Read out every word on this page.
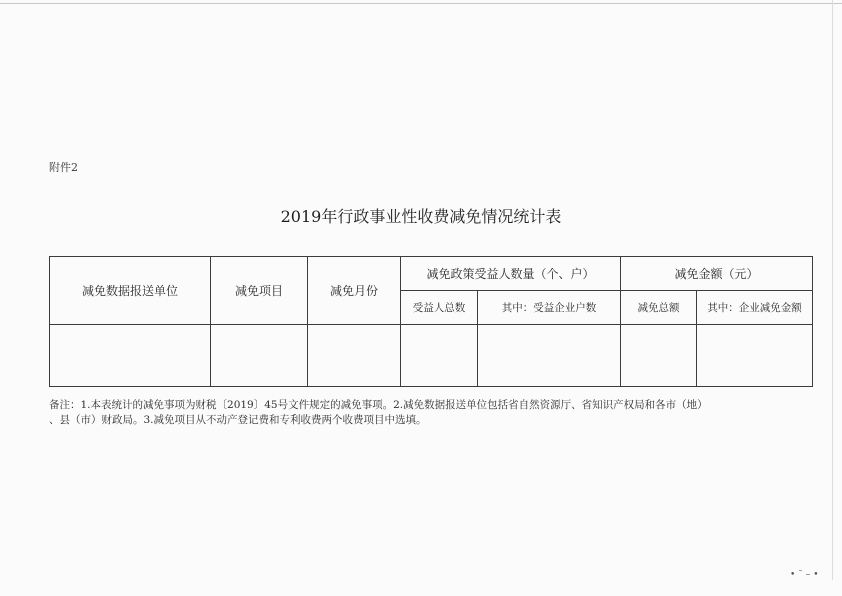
附件2
2019年行政事业性收费减免情况统计表
减免数据报送单位	减免项目	减免月份	减免政策受益人数量（个、户）		减免金额（元）	
			受益人总数	其中：受益企业户数	减免总额	其中：企业减免金额

备注：1.本表统计的减免事项为财税〔2019〕45号文件规定的减免事项。2.减免数据报送单位包括省自然资源厅、省知识产权局和各市（地）
、县（市）财政局。3.减免项目从不动产登记费和专利收费两个收费项目中选填。
•˘–•
